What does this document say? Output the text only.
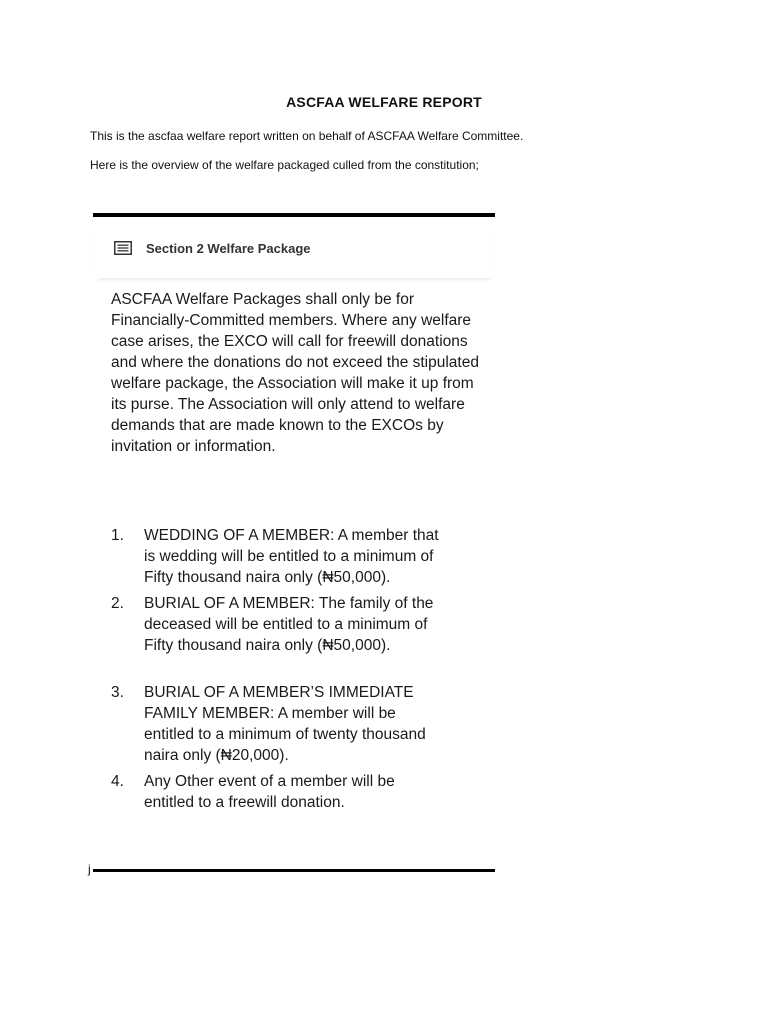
ASCFAA WELFARE REPORT
This is the ascfaa welfare report written on behalf of ASCFAA Welfare Committee.
Here is the overview of the welfare packaged culled from the constitution;
Section 2 Welfare Package

ASCFAA Welfare Packages shall only be for Financially-Committed members. Where any welfare case arises, the EXCO will call for freewill donations and where the donations do not exceed the stipulated welfare package, the Association will make it up from its purse. The Association will only attend to welfare demands that are made known to the EXCOs by invitation or information.

1. WEDDING OF A MEMBER: A member that is wedding will be entitled to a minimum of Fifty thousand naira only (₦50,000).
2. BURIAL OF A MEMBER: The family of the deceased will be entitled to a minimum of Fifty thousand naira only (₦50,000).
3. BURIAL OF A MEMBER’S IMMEDIATE FAMILY MEMBER: A member will be entitled to a minimum of twenty thousand naira only (₦20,000).
4. Any Other event of a member will be entitled to a freewill donation.
j
